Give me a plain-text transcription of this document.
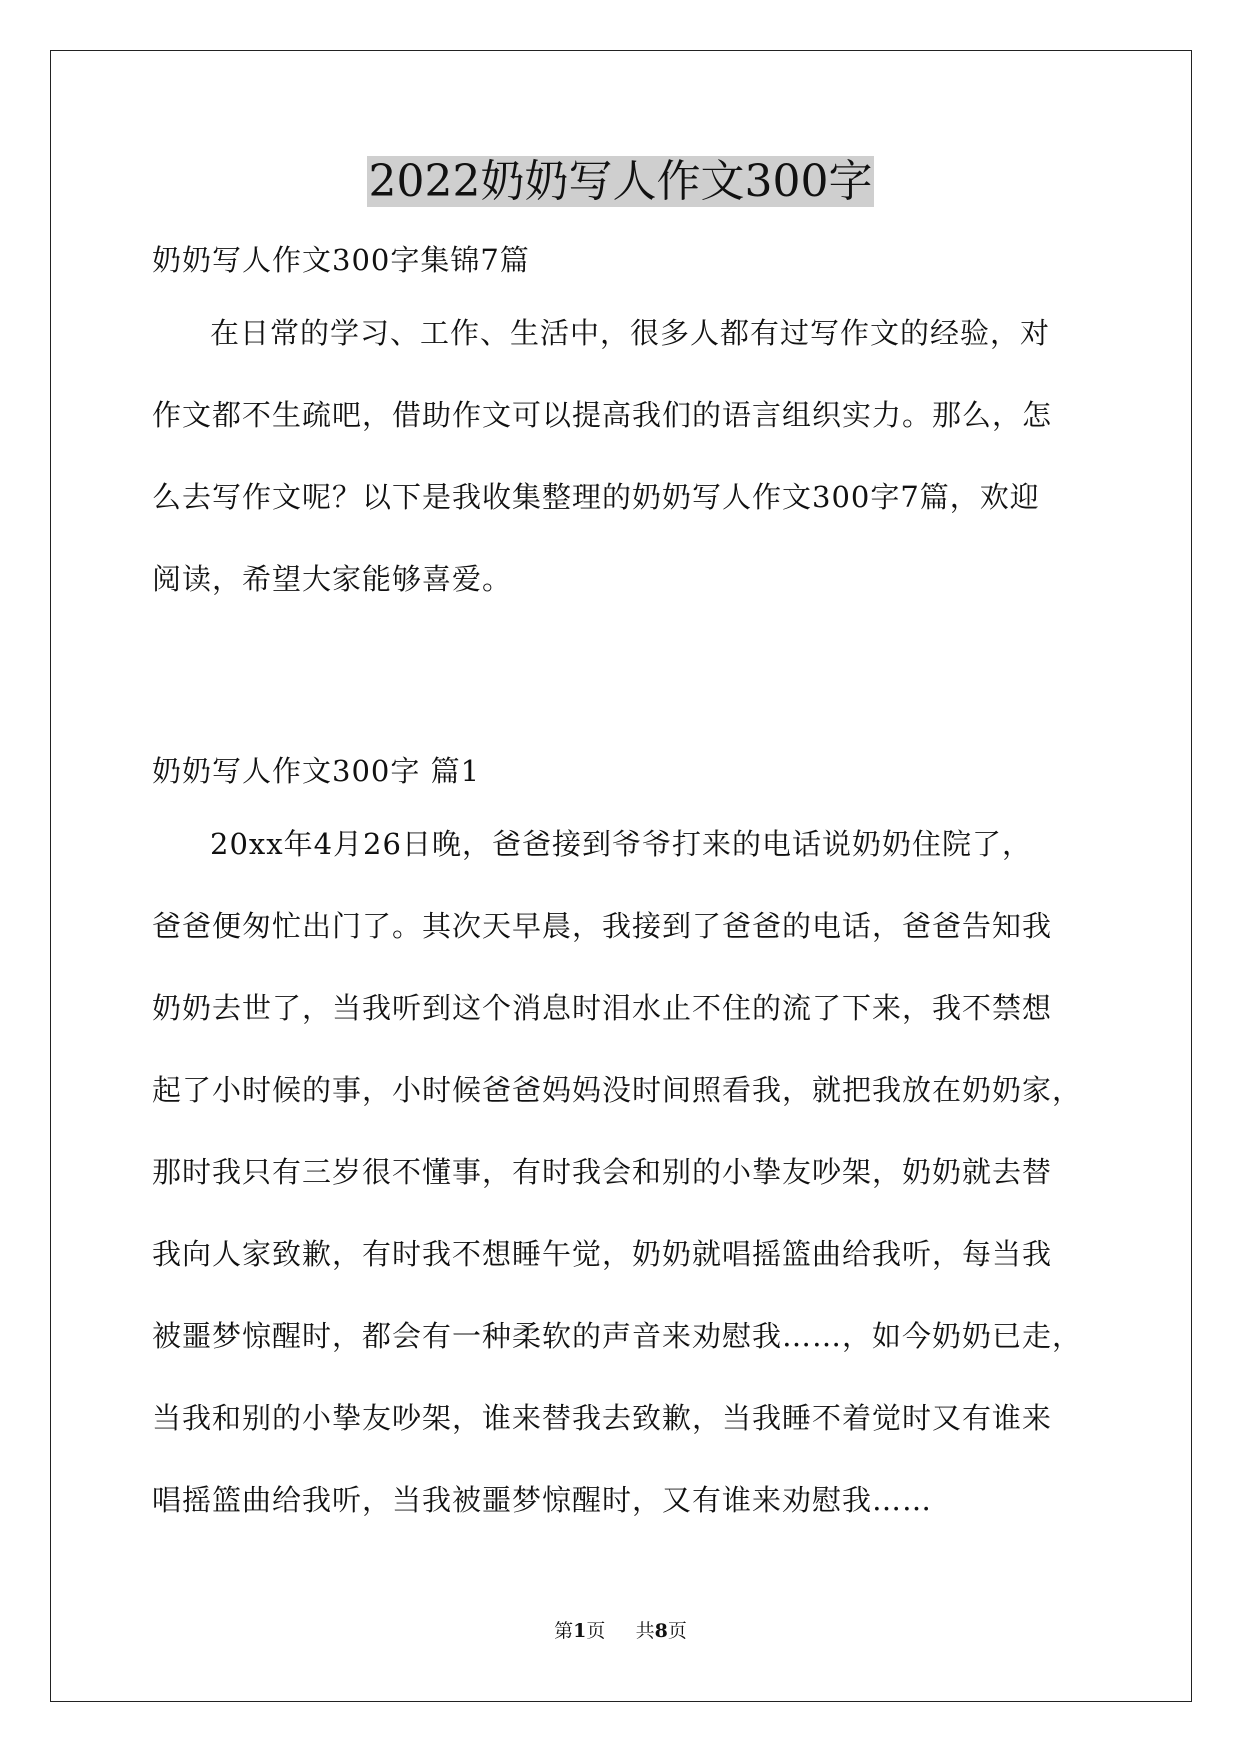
2022奶奶写人作文300字
奶奶写人作文300字集锦7篇
在日常的学习、工作、生活中，很多人都有过写作文的经验，对
作文都不生疏吧，借助作文可以提高我们的语言组织实力。那么，怎
么去写作文呢？以下是我收集整理的奶奶写人作文300字7篇，欢迎
阅读，希望大家能够喜爱。
奶奶写人作文300字 篇1
20xx年4月26日晚，爸爸接到爷爷打来的电话说奶奶住院了，
爸爸便匆忙出门了。其次天早晨，我接到了爸爸的电话，爸爸告知我
奶奶去世了，当我听到这个消息时泪水止不住的流了下来，我不禁想
起了小时候的事，小时候爸爸妈妈没时间照看我，就把我放在奶奶家，
那时我只有三岁很不懂事，有时我会和别的小挚友吵架，奶奶就去替
我向人家致歉，有时我不想睡午觉，奶奶就唱摇篮曲给我听，每当我
被噩梦惊醒时，都会有一种柔软的声音来劝慰我……，如今奶奶已走，
当我和别的小挚友吵架，谁来替我去致歉，当我睡不着觉时又有谁来
唱摇篮曲给我听，当我被噩梦惊醒时，又有谁来劝慰我……
第1页 共8页
